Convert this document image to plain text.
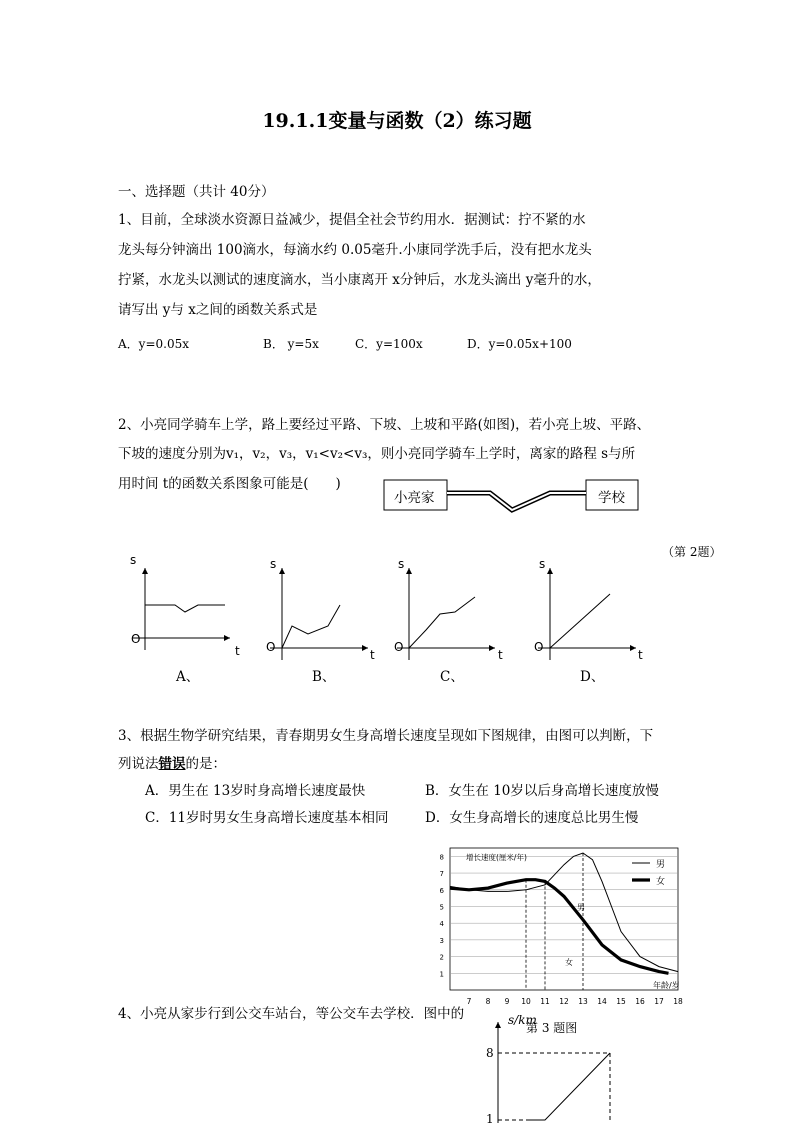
19.1.1变量与函数（2）练习题
一、选择题（共计 40分）
1、目前，全球淡水资源日益减少，提倡全社会节约用水．据测试：拧不紧的水
龙头每分钟滴出 100滴水，每滴水约 0.05毫升.小康同学洗手后，没有把水龙头
拧紧，水龙头以测试的速度滴水，当小康离开 x分钟后，水龙头滴出 y毫升的水，
请写出 y与 x之间的函数关系式是
A．y=0.05x	B． y=5x	C．y=100x	D．y=0.05x+100
2、小亮同学骑车上学，路上要经过平路、下坡、上坡和平路(如图)，若小亮上坡、平路、
下坡的速度分别为v₁，v₂，v₃，v₁<v₂<v₃，则小亮同学骑车上学时，离家的路程 s与所
用时间 t的函数关系图象可能是(　　)
小亮家	学校
（第 2题）
s
O
t
A、
s
O
t
B、
s
O
t
C、
s
O
t
D、
3、根据生物学研究结果，青春期男女生身高增长速度呈现如下图规律，由图可以判断，下
列说法错误的是：
A．男生在 13岁时身高增长速度最快	B．女生在 10岁以后身高增长速度放慢
C．11岁时男女生身高增长速度基本相同	D．女生身高增长的速度总比男生慢
1
2
3
4
5
6
7
8
7 8 9 10 11 12 13 14 15 16 17 18
男
女
增长速度(厘米/年)
年龄/岁
男
女
4、小亮从家步行到公交车站台，等公交车去学校．图中的	s/km
第 3 题图
8
1
